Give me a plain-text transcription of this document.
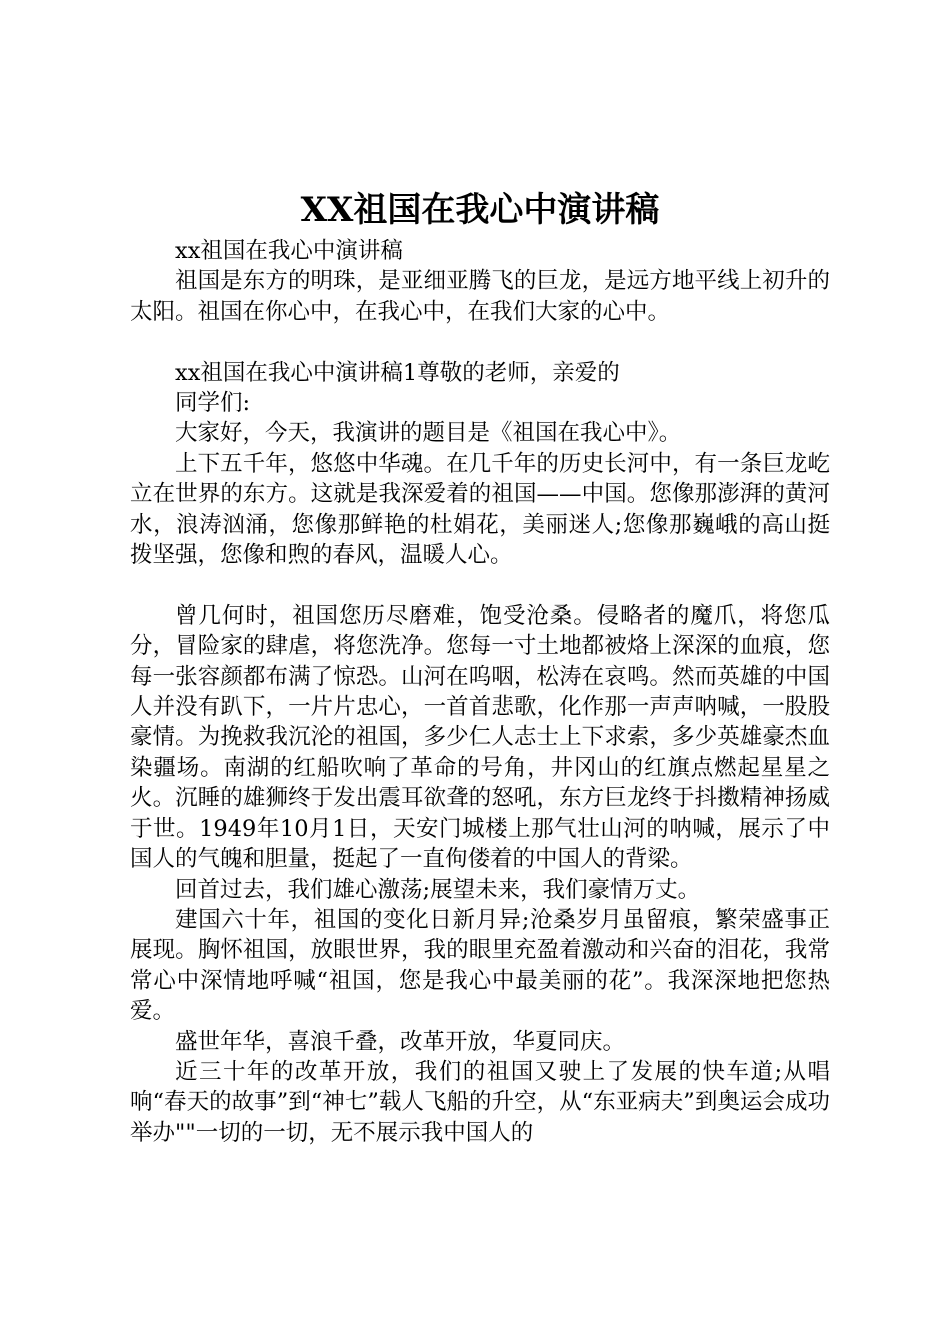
XX祖国在我心中演讲稿

xx祖国在我心中演讲稿

祖国是东方的明珠，是亚细亚腾飞的巨龙，是远方地平线上初升的太阳。祖国在你心中，在我心中，在我们大家的心中。

xx祖国在我心中演讲稿1尊敬的老师，亲爱的

同学们:

大家好，今天，我演讲的题目是《祖国在我心中》。

上下五千年，悠悠中华魂。在几千年的历史长河中，有一条巨龙屹立在世界的东方。这就是我深爱着的祖国——中国。您像那澎湃的黄河水，浪涛汹涌，您像那鲜艳的杜娟花，美丽迷人;您像那巍峨的高山挺拨坚强，您像和煦的春风，温暖人心。

曾几何时，祖国您历尽磨难，饱受沧桑。侵略者的魔爪，将您瓜分，冒险家的肆虐，将您洗净。您每一寸土地都被烙上深深的血痕，您每一张容颜都布满了惊恐。山河在呜咽，松涛在哀鸣。然而英雄的中国人并没有趴下，一片片忠心，一首首悲歌，化作那一声声呐喊，一股股豪情。为挽救我沉沦的祖国，多少仁人志士上下求索，多少英雄豪杰血染疆场。南湖的红船吹响了革命的号角，井冈山的红旗点燃起星星之火。沉睡的雄狮终于发出震耳欲聋的怒吼，东方巨龙终于抖擞精神扬威于世。1949年10月1日，天安门城楼上那气壮山河的呐喊，展示了中国人的气魄和胆量，挺起了一直佝偻着的中国人的背梁。

回首过去，我们雄心激荡;展望未来，我们豪情万丈。

建国六十年，祖国的变化日新月异;沧桑岁月虽留痕，繁荣盛事正展现。胸怀祖国，放眼世界，我的眼里充盈着激动和兴奋的泪花，我常常心中深情地呼喊“祖国，您是我心中最美丽的花”。我深深地把您热爱。

盛世年华，喜浪千叠，改革开放，华夏同庆。

近三十年的改革开放，我们的祖国又驶上了发展的快车道;从唱响“春天的故事”到“神七”载人飞船的升空，从“东亚病夫”到奥运会成功举办""一切的一切，无不展示我中国人的
